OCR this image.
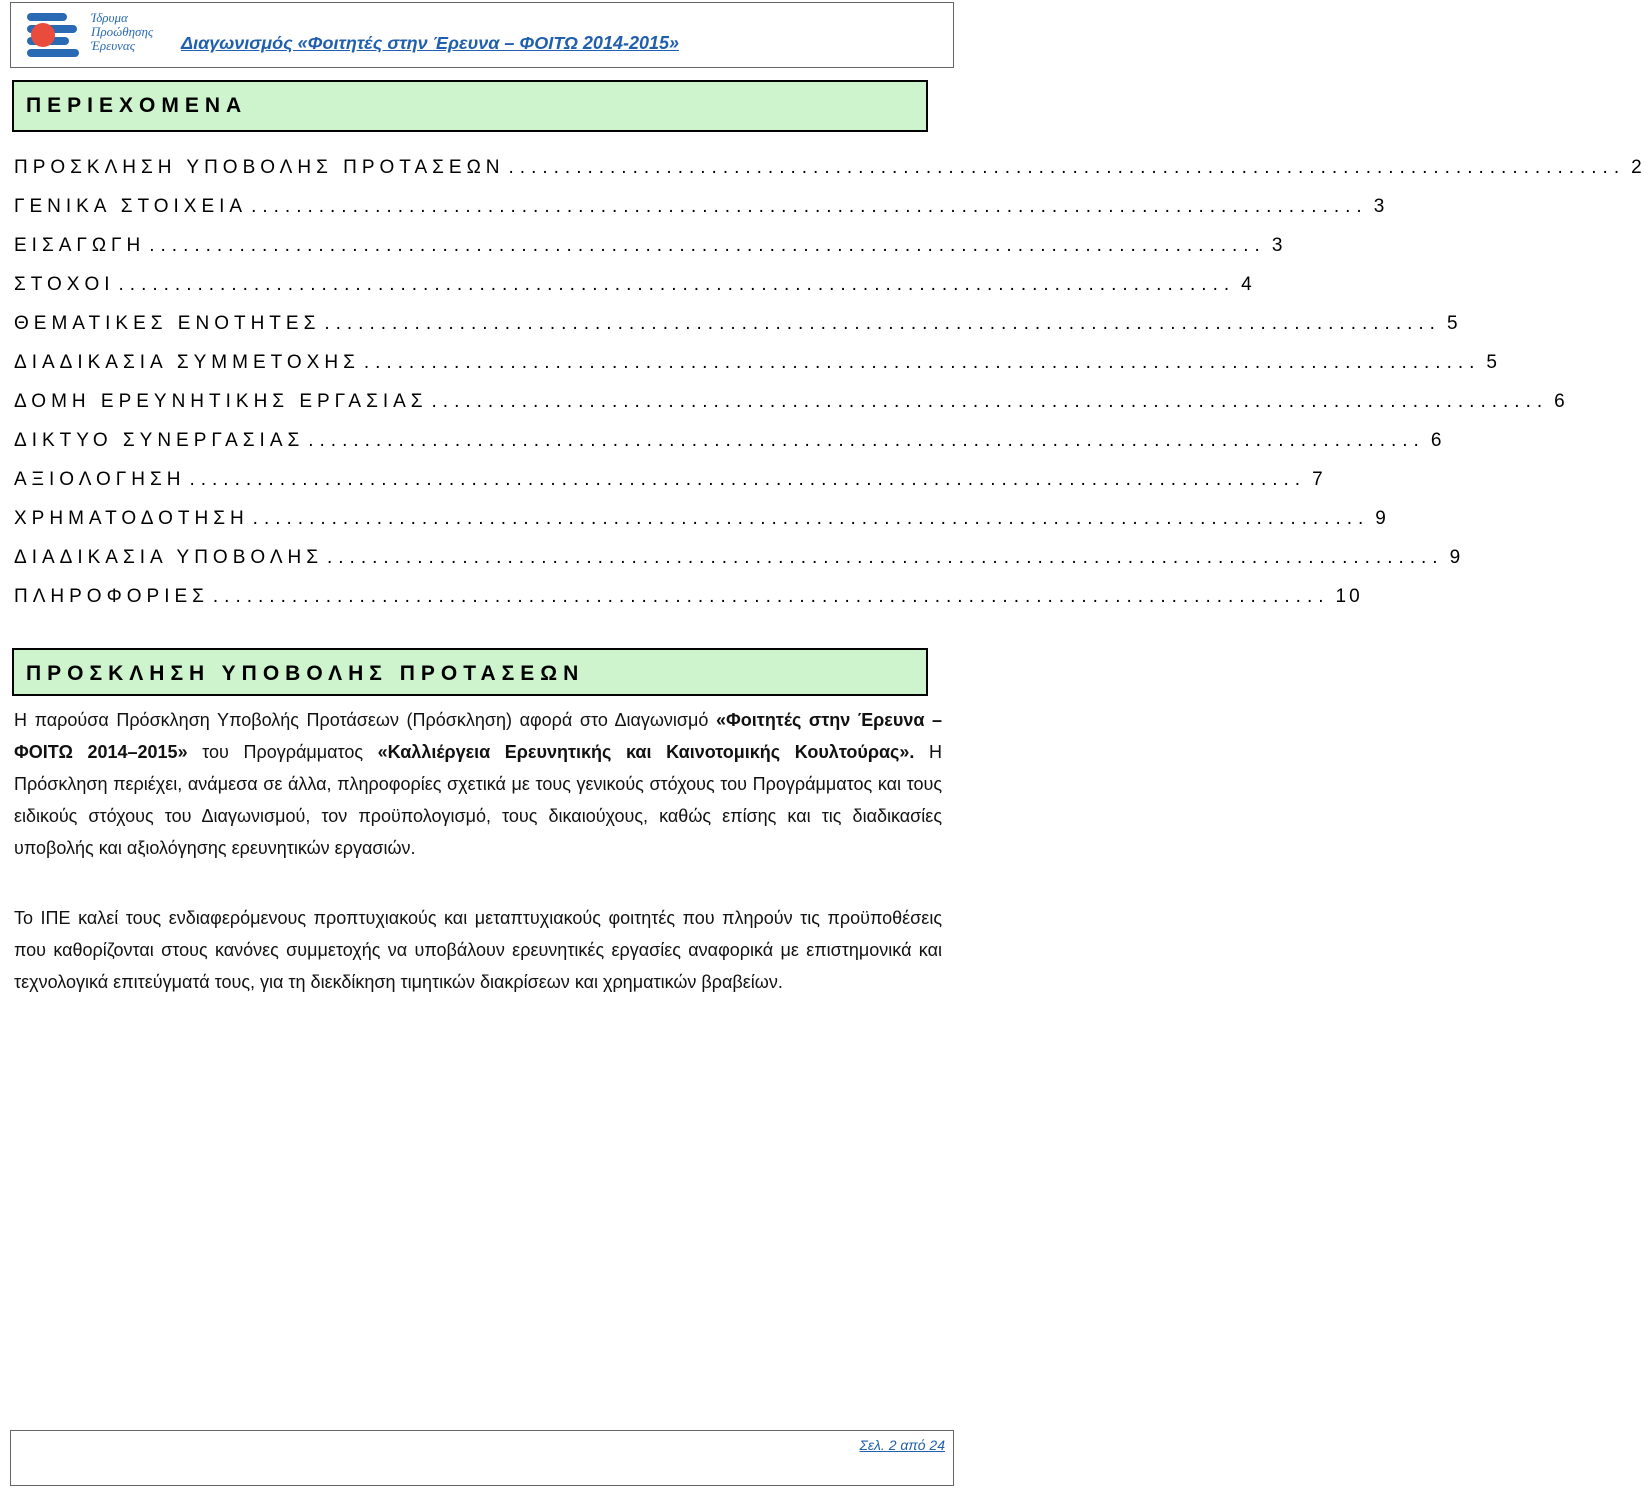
Ίδρυμα
Προώθησης
Έρευνας	Διαγωνισμός «Φοιτητές στην Έρευνα – ΦΟΙΤΩ 2014-2015»
ΠΕΡΙΕΧΟΜΕΝΑ
ΠΡΟΣΚΛΗΣΗ ΥΠΟΒΟΛΗΣ ΠΡΟΤΑΣΕΩΝ ................................................................................................... 2
ΓΕΝΙΚΑ ΣΤΟΙΧΕΙΑ ................................................................................................... 3
ΕΙΣΑΓΩΓΗ ................................................................................................... 3
ΣΤΟΧΟΙ ................................................................................................... 4
ΘΕΜΑΤΙΚΕΣ ΕΝΟΤΗΤΕΣ ................................................................................................... 5
ΔΙΑΔΙΚΑΣΙΑ ΣΥΜΜΕΤΟΧΗΣ ................................................................................................... 5
ΔΟΜΗ ΕΡΕΥΝΗΤΙΚΗΣ ΕΡΓΑΣΙΑΣ ................................................................................................... 6
ΔΙΚΤΥΟ ΣΥΝΕΡΓΑΣΙΑΣ ................................................................................................... 6
ΑΞΙΟΛΟΓΗΣΗ ................................................................................................... 7
ΧΡΗΜΑΤΟΔΟΤΗΣΗ ................................................................................................... 9
ΔΙΑΔΙΚΑΣΙΑ ΥΠΟΒΟΛΗΣ ................................................................................................... 9
ΠΛΗΡΟΦΟΡΙΕΣ ................................................................................................... 10
ΠΡΟΣΚΛΗΣΗ ΥΠΟΒΟΛΗΣ ΠΡΟΤΑΣΕΩΝ
Η παρούσα Πρόσκληση Υποβολής Προτάσεων (Πρόσκληση) αφορά στο Διαγωνισμό «Φοιτητές στην Έρευνα – ΦΟΙΤΩ 2014–2015» του Προγράμματος «Καλλιέργεια Ερευνητικής και Καινοτομικής Κουλτούρας». Η Πρόσκληση περιέχει, ανάμεσα σε άλλα, πληροφορίες σχετικά με τους γενικούς στόχους του Προγράμματος και τους ειδικούς στόχους του Διαγωνισμού, τον προϋπολογισμό, τους δικαιούχους, καθώς επίσης και τις διαδικασίες υποβολής και αξιολόγησης ερευνητικών εργασιών.
Το ΙΠΕ καλεί τους ενδιαφερόμενους προπτυχιακούς και μεταπτυχιακούς φοιτητές που πληρούν τις προϋποθέσεις που καθορίζονται στους κανόνες συμμετοχής να υποβάλουν ερευνητικές εργασίες αναφορικά με επιστημονικά και τεχνολογικά επιτεύγματά τους, για τη διεκδίκηση τιμητικών διακρίσεων και χρηματικών βραβείων.
Σελ. 2 από 24
